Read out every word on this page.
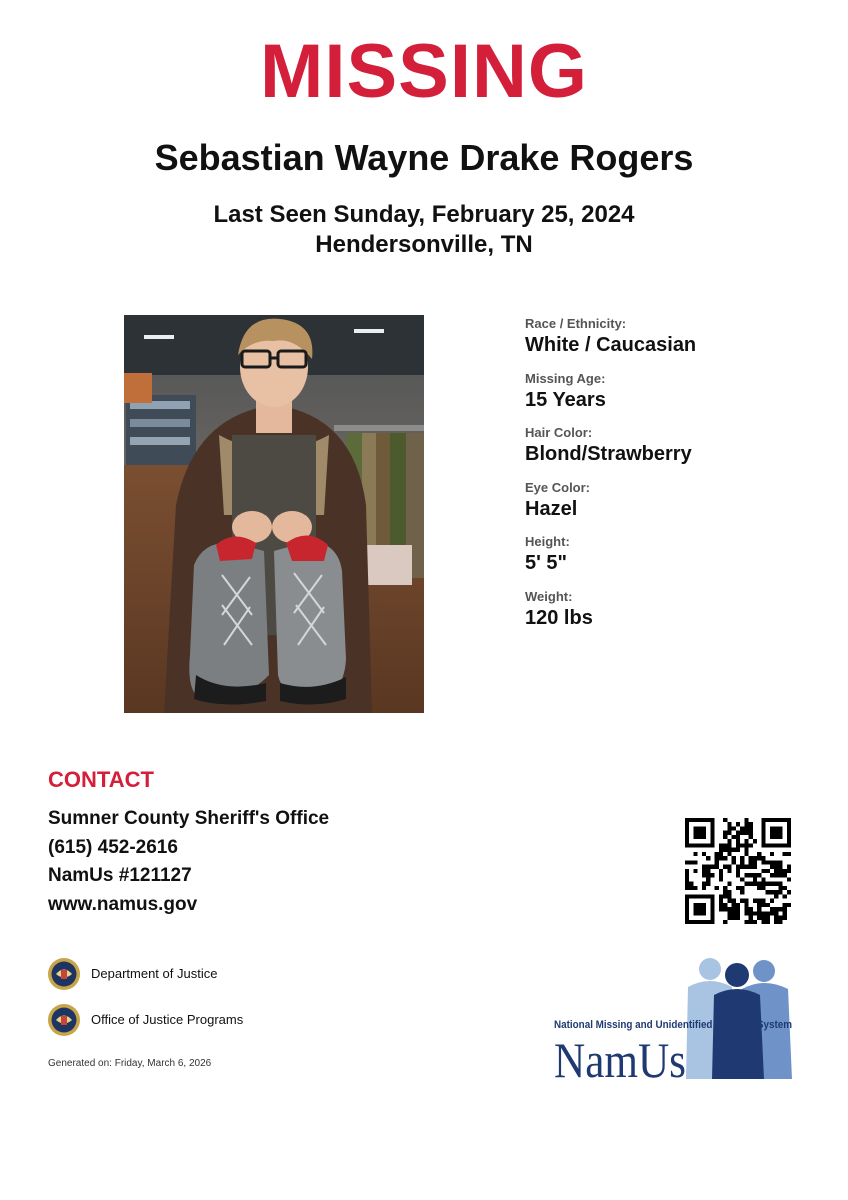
MISSING
Sebastian Wayne Drake Rogers
Last Seen Sunday, February 25, 2024
Hendersonville, TN
Race / Ethnicity:
White / Caucasian
Missing Age:
15 Years
Hair Color:
Blond/Strawberry
Eye Color:
Hazel
Height:
5' 5"
Weight:
120 lbs
CONTACT
Sumner County Sheriff's Office
(615) 452-2616
NamUs #121127
www.namus.gov
Department of Justice
Office of Justice Programs
Generated on: Friday, March 6, 2026
National Missing and Unidentified Persons System
NamUs
